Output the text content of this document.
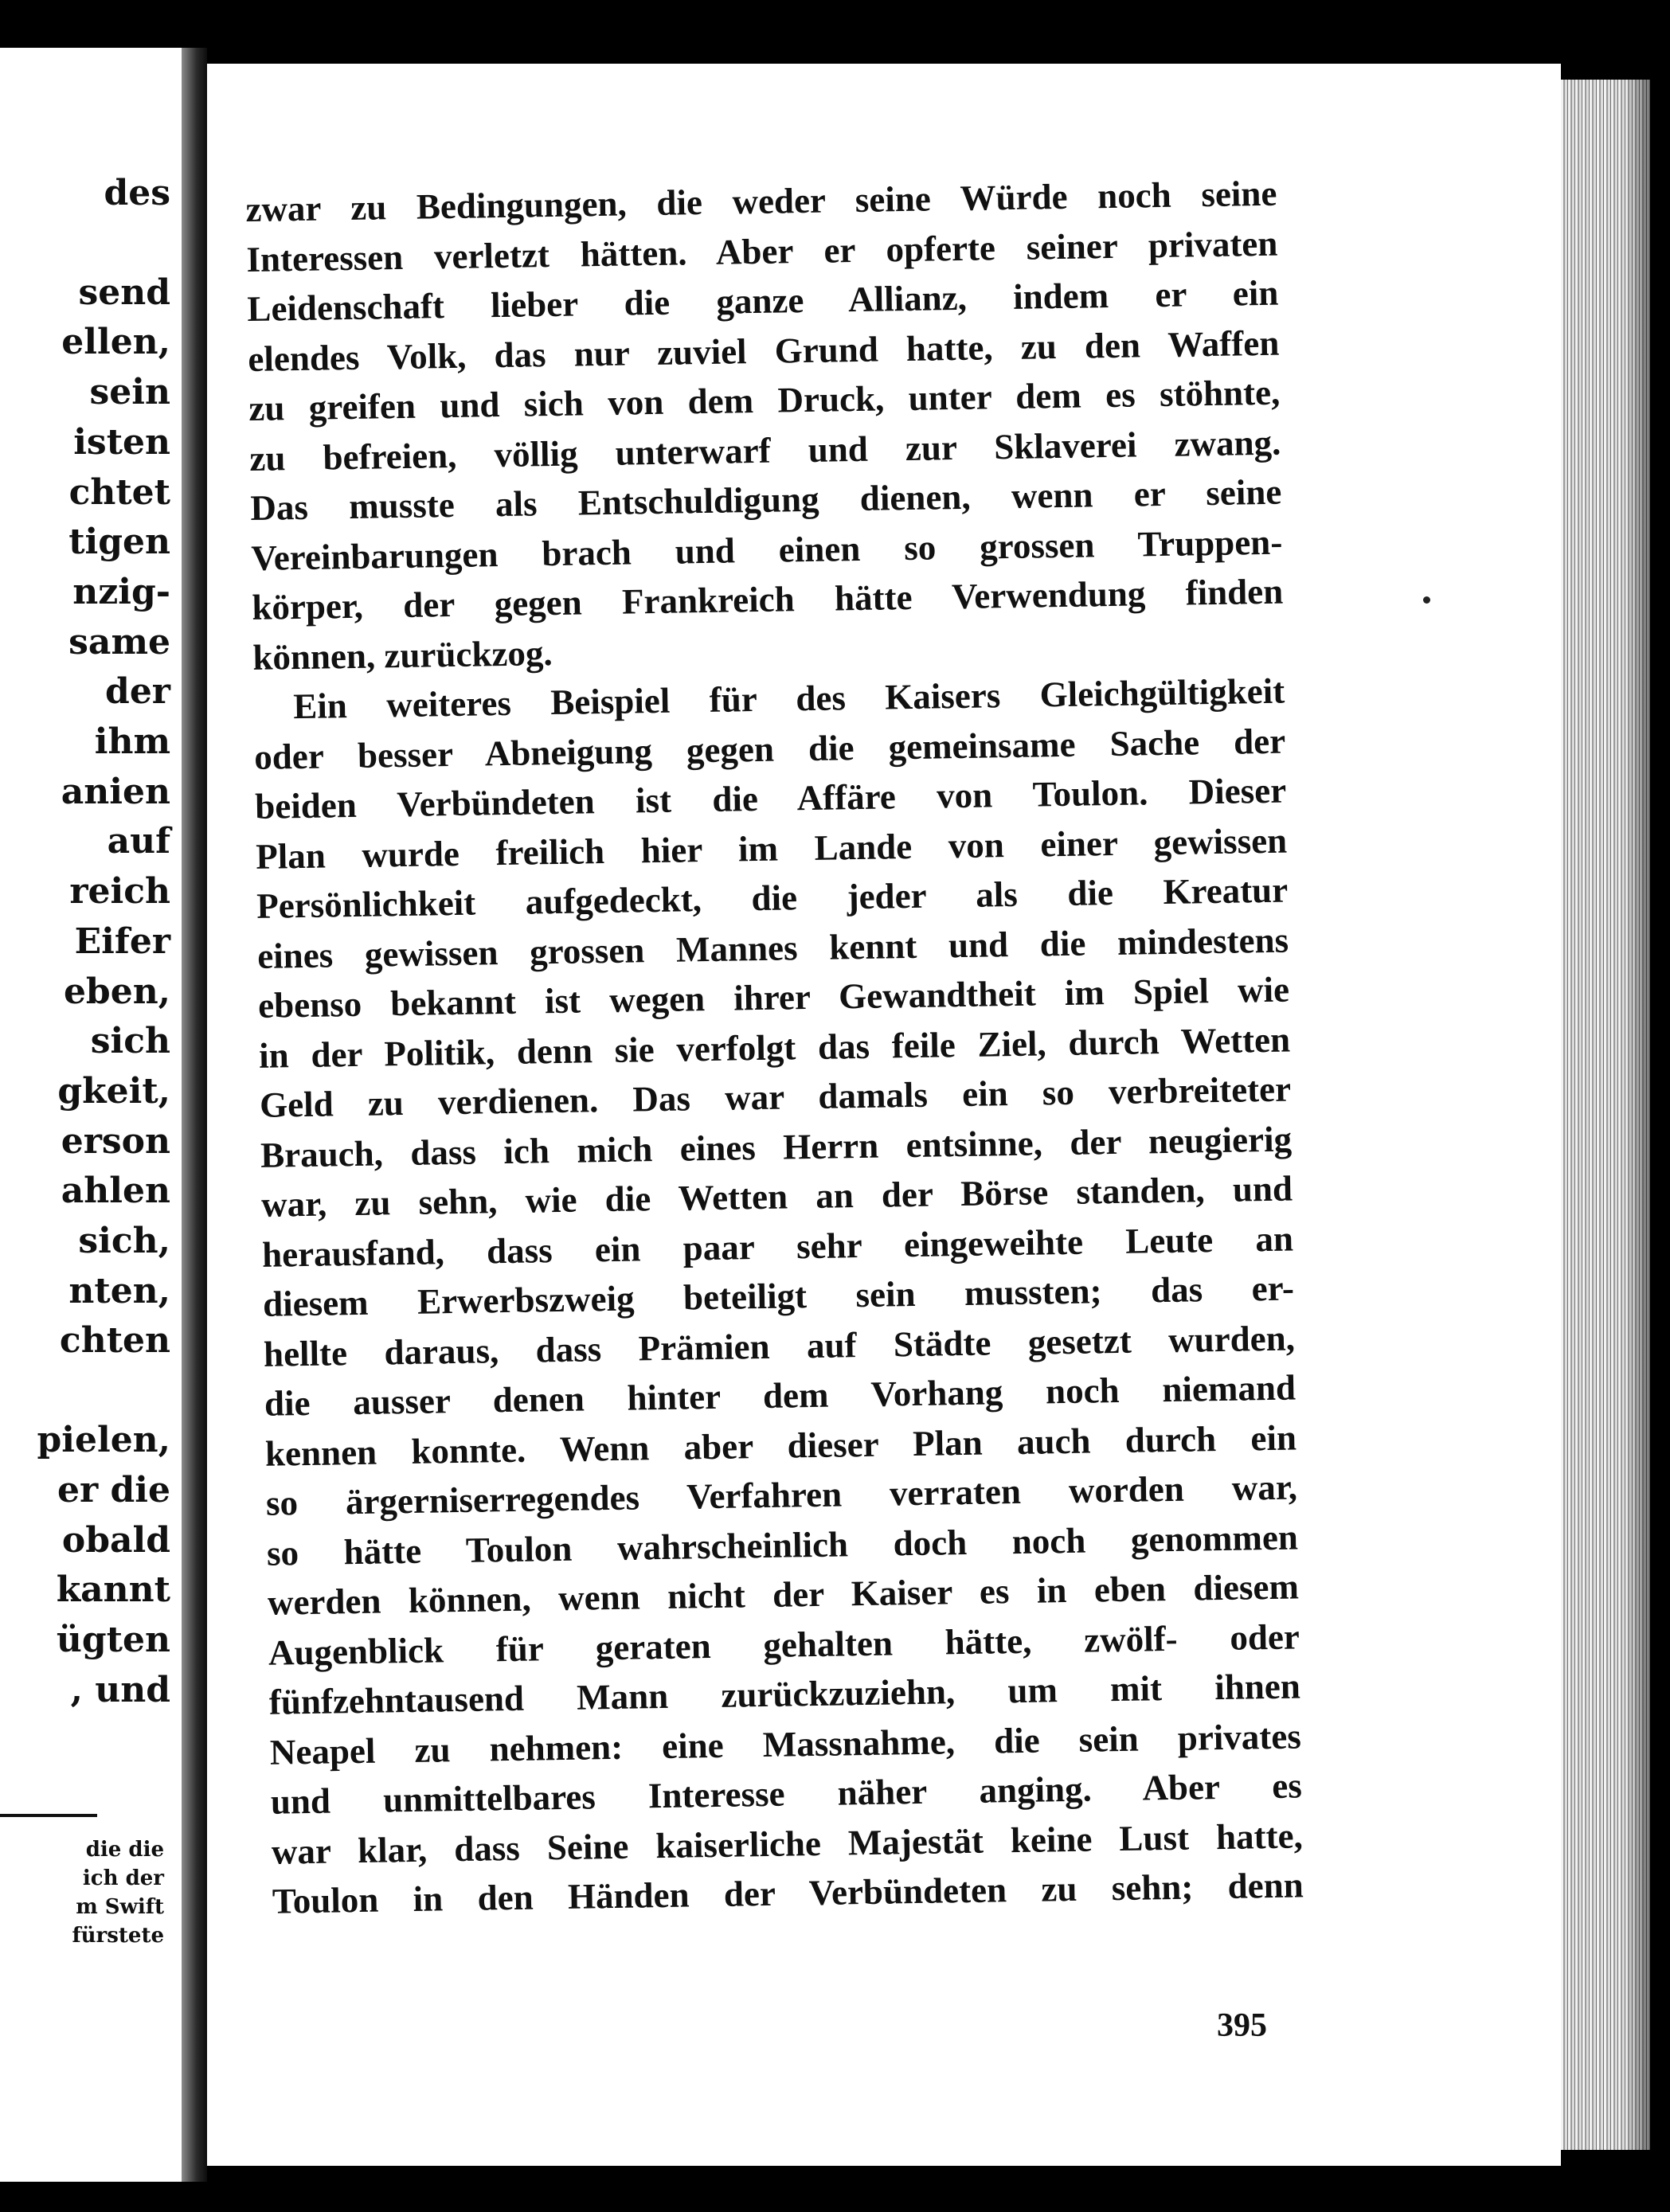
des
send
ellen,
sein
isten
chtet
tigen
nzig-
same
der
ihm
anien
auf
reich
Eifer
eben,
sich
gkeit,
erson
ahlen
sich,
nten,
chten
pielen,
er die
obald
kannt
ügten
, und
die die
ich der
m Swift
fürstete
zwar zu Bedingungen, die weder seine Würde noch seine
Interessen verletzt hätten. Aber er opferte seiner privaten
Leidenschaft lieber die ganze Allianz, indem er ein
elendes Volk, das nur zuviel Grund hatte, zu den Waffen
zu greifen und sich von dem Druck, unter dem es stöhnte,
zu befreien, völlig unterwarf und zur Sklaverei zwang.
Das musste als Entschuldigung dienen, wenn er seine
Vereinbarungen brach und einen so grossen Truppen-
körper, der gegen Frankreich hätte Verwendung finden
können, zurückzog.
Ein weiteres Beispiel für des Kaisers Gleichgültigkeit
oder besser Abneigung gegen die gemeinsame Sache der
beiden Verbündeten ist die Affäre von Toulon. Dieser
Plan wurde freilich hier im Lande von einer gewissen
Persönlichkeit aufgedeckt, die jeder als die Kreatur
eines gewissen grossen Mannes kennt und die mindestens
ebenso bekannt ist wegen ihrer Gewandtheit im Spiel wie
in der Politik, denn sie verfolgt das feile Ziel, durch Wetten
Geld zu verdienen. Das war damals ein so verbreiteter
Brauch, dass ich mich eines Herrn entsinne, der neugierig
war, zu sehn, wie die Wetten an der Börse standen, und
herausfand, dass ein paar sehr eingeweihte Leute an
diesem Erwerbszweig beteiligt sein mussten; das er-
hellte daraus, dass Prämien auf Städte gesetzt wurden,
die ausser denen hinter dem Vorhang noch niemand
kennen konnte. Wenn aber dieser Plan auch durch ein
so ärgerniserregendes Verfahren verraten worden war,
so hätte Toulon wahrscheinlich doch noch genommen
werden können, wenn nicht der Kaiser es in eben diesem
Augenblick für geraten gehalten hätte, zwölf- oder
fünfzehntausend Mann zurückzuziehn, um mit ihnen
Neapel zu nehmen: eine Massnahme, die sein privates
und unmittelbares Interesse näher anging. Aber es
war klar, dass Seine kaiserliche Majestät keine Lust hatte,
Toulon in den Händen der Verbündeten zu sehn; denn
395
